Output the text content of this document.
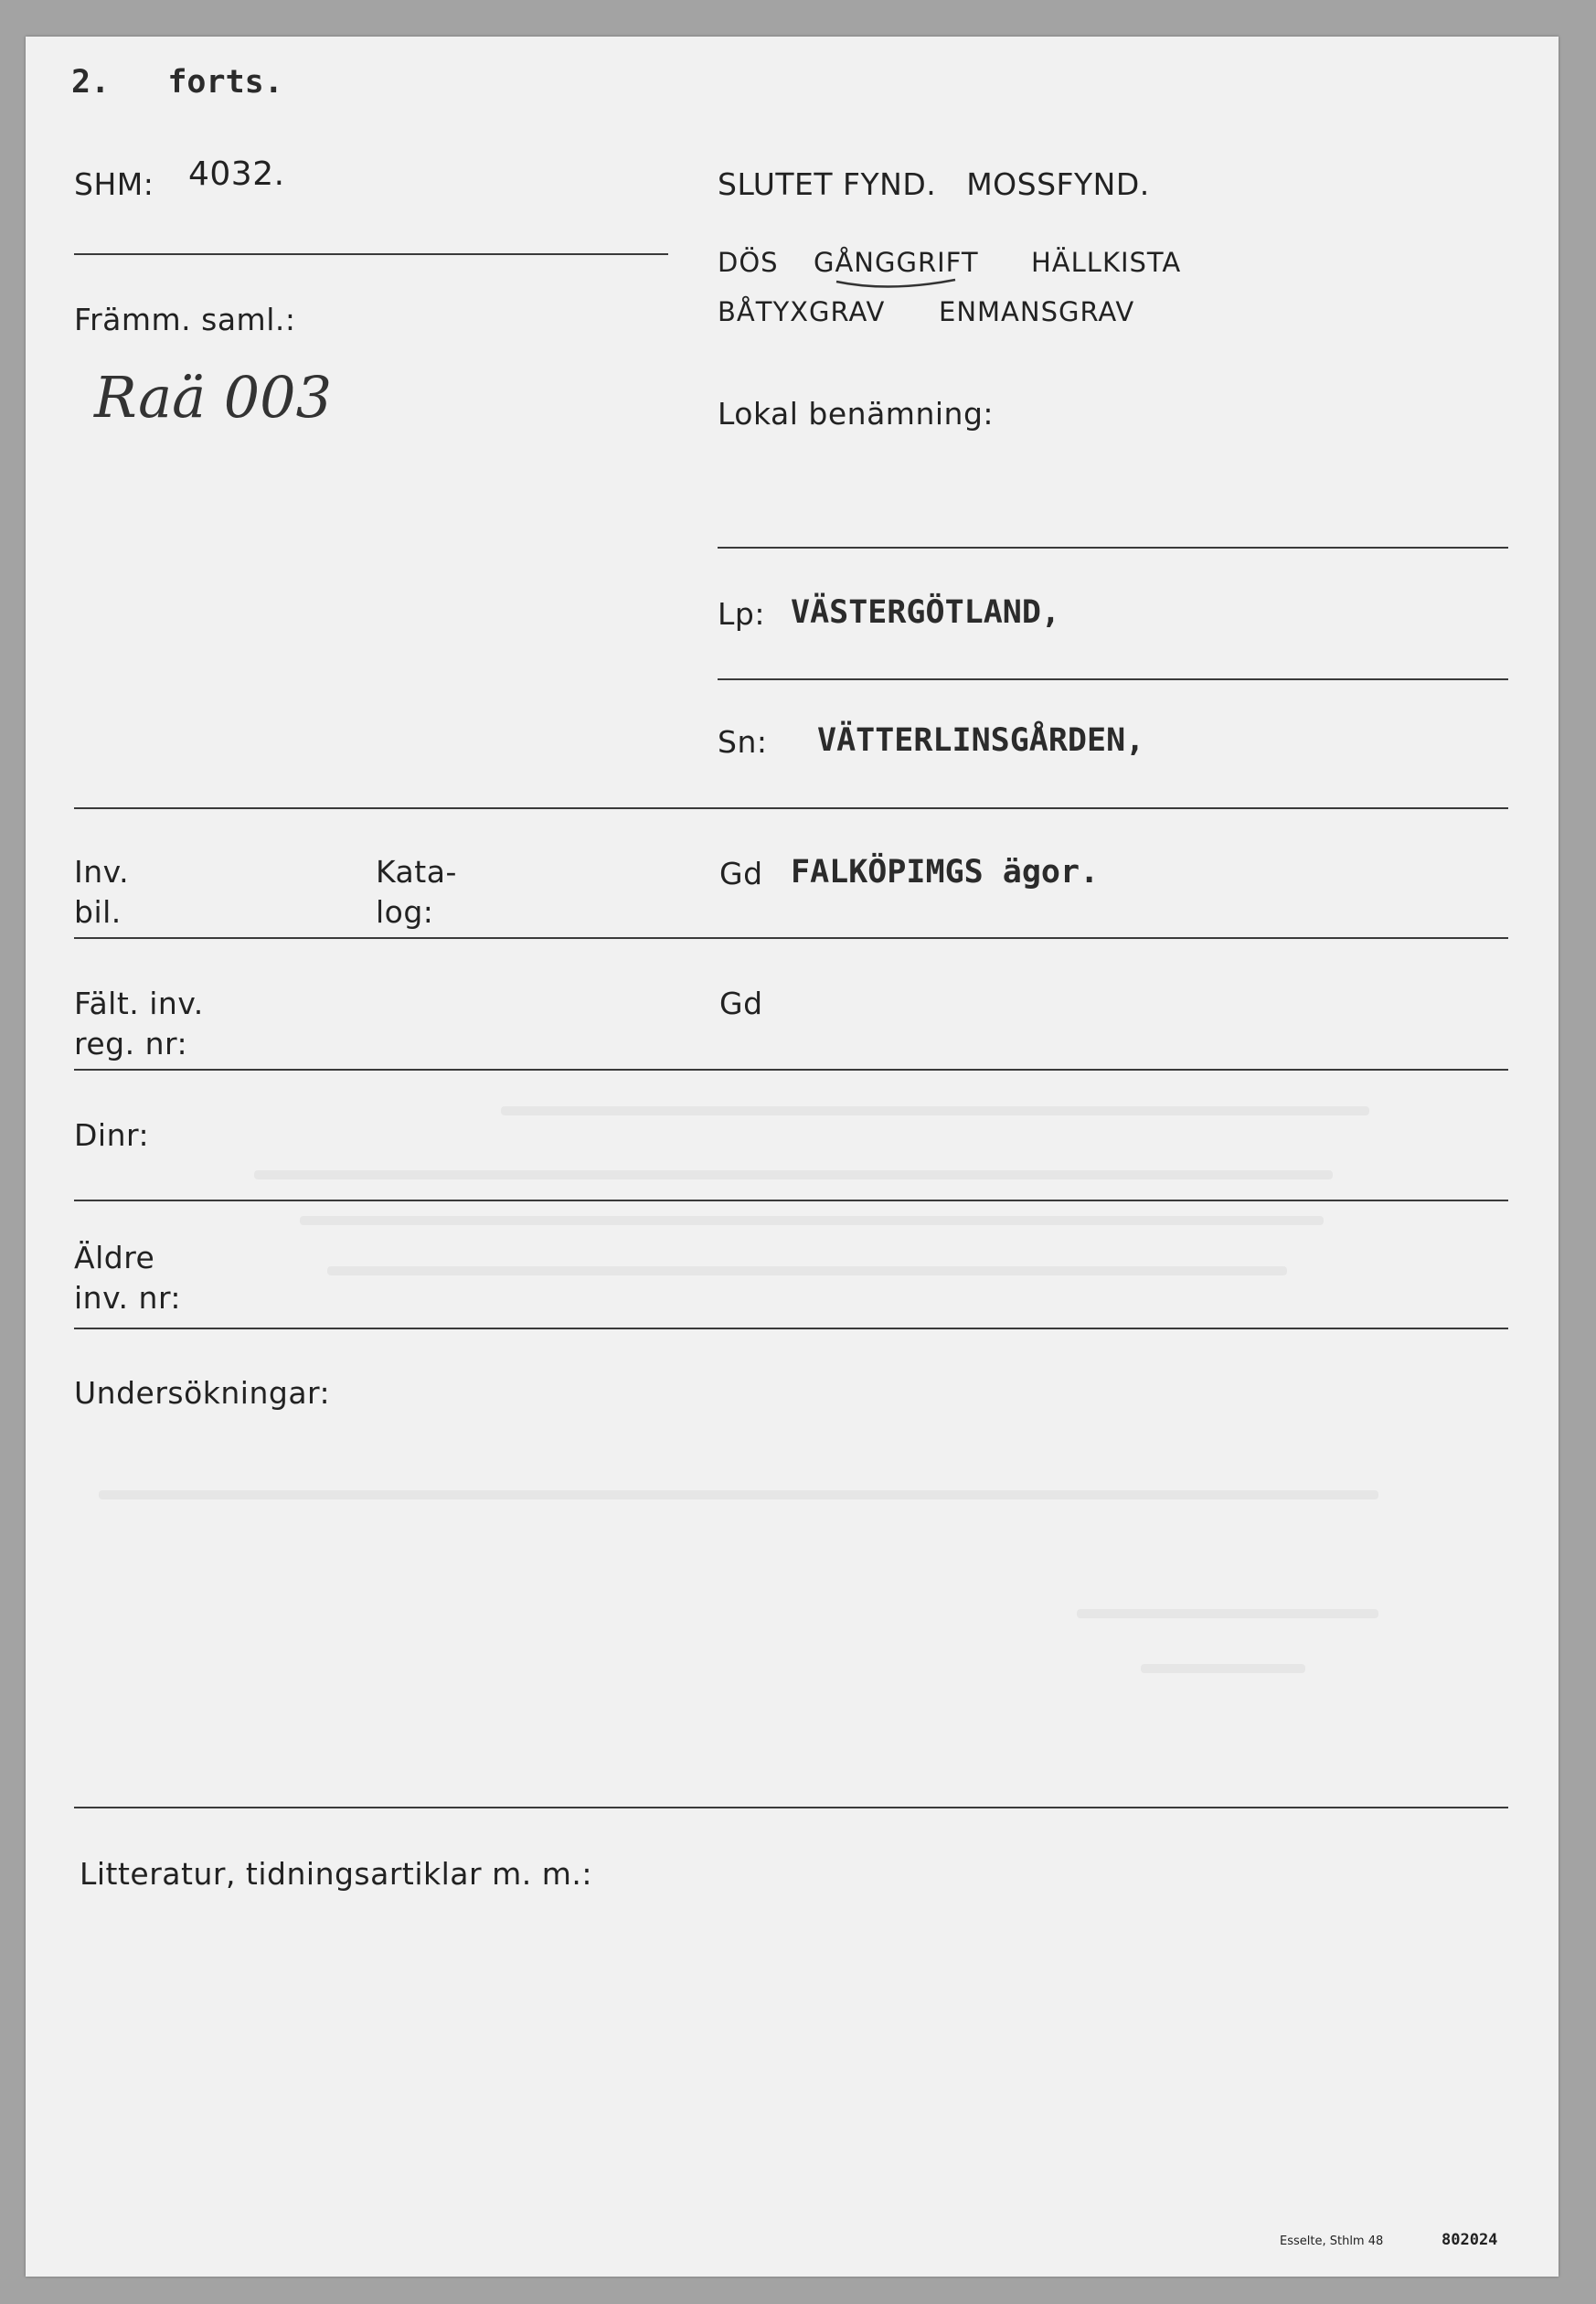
2.   forts.
SHM: 4032.
Främm. saml.:
Raä 003
SLUTET FYND.   MOSSFYND.
DÖS GÅNGGRIFT HÄLLKISTA
BÅTYXGRAV ENMANSGRAV
Lokal benämning:
Lp: VÄSTERGÖTLAND,
Sn: VÄTTERLINSGÅRDEN,
Inv.
bil.
Kata-
log:
Gd FALKÖPIMGS ägor.
Fält. inv.
reg. nr:
Gd
Dinr:
Äldre
inv. nr:
Undersökningar:
Litteratur, tidningsartiklar m. m.:
Esselte, Sthlm 48	802024
